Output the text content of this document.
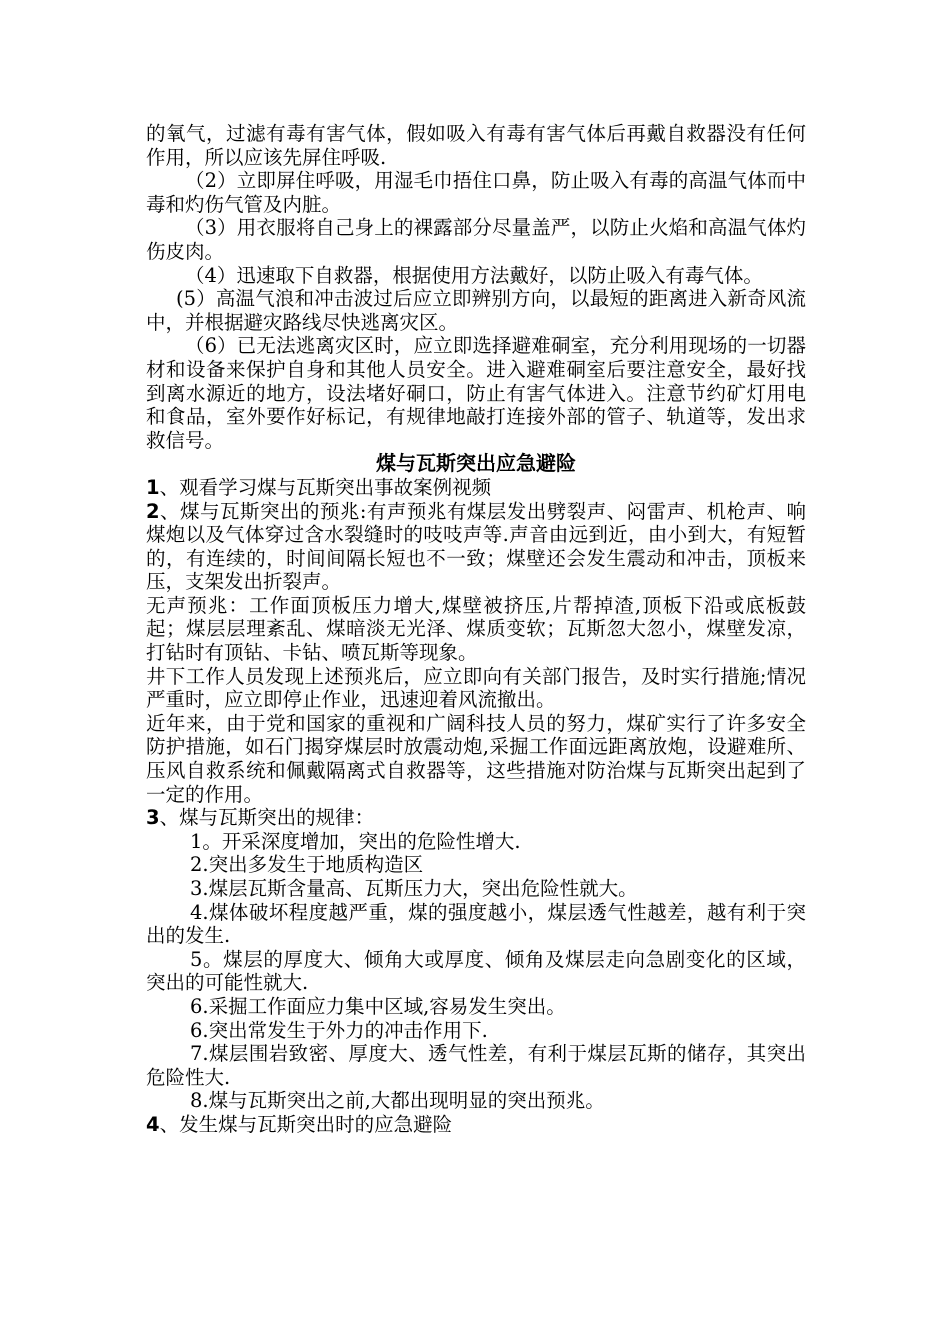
的氧气，过滤有毒有害气体，假如吸入有毒有害气体后再戴自救器没有任何作用，所以应该先屏住呼吸.

（2）立即屏住呼吸，用湿毛巾捂住口鼻，防止吸入有毒的高温气体而中毒和灼伤气管及内脏。

（3）用衣服将自己身上的裸露部分尽量盖严，以防止火焰和高温气体灼伤皮肉。

（4）迅速取下自救器，根据使用方法戴好，以防止吸入有毒气体。

(5）高温气浪和冲击波过后应立即辨别方向，以最短的距离进入新奇风流中，并根据避灾路线尽快逃离灾区。

（6）已无法逃离灾区时，应立即选择避难硐室，充分利用现场的一切器材和设备来保护自身和其他人员安全。进入避难硐室后要注意安全，最好找到离水源近的地方，设法堵好硐口，防止有害气体进入。注意节约矿灯用电和食品，室外要作好标记，有规律地敲打连接外部的管子、轨道等，发出求救信号。

煤与瓦斯突出应急避险

1、观看学习煤与瓦斯突出事故案例视频

2、煤与瓦斯突出的预兆:有声预兆有煤层发出劈裂声、闷雷声、机枪声、响煤炮以及气体穿过含水裂缝时的吱吱声等.声音由远到近，由小到大，有短暂的，有连续的，时间间隔长短也不一致；煤壁还会发生震动和冲击，顶板来压，支架发出折裂声。

无声预兆：工作面顶板压力增大,煤壁被挤压,片帮掉渣,顶板下沿或底板鼓起；煤层层理紊乱、煤暗淡无光泽、煤质变软；瓦斯忽大忽小，煤壁发凉，打钻时有顶钻、卡钻、喷瓦斯等现象。

井下工作人员发现上述预兆后，应立即向有关部门报告，及时实行措施;情况严重时，应立即停止作业，迅速迎着风流撤出。

近年来，由于党和国家的重视和广阔科技人员的努力，煤矿实行了许多安全防护措施，如石门揭穿煤层时放震动炮,采掘工作面远距离放炮，设避难所、压风自救系统和佩戴隔离式自救器等，这些措施对防治煤与瓦斯突出起到了一定的作用。

3、煤与瓦斯突出的规律：

1。开采深度增加，突出的危险性增大.

2.突出多发生于地质构造区

3.煤层瓦斯含量高、瓦斯压力大，突出危险性就大。

4.煤体破坏程度越严重，煤的强度越小，煤层透气性越差，越有利于突出的发生.

5。煤层的厚度大、倾角大或厚度、倾角及煤层走向急剧变化的区域，突出的可能性就大.

6.采掘工作面应力集中区域,容易发生突出。

6.突出常发生于外力的冲击作用下.

7.煤层围岩致密、厚度大、透气性差，有利于煤层瓦斯的储存，其突出危险性大.

8.煤与瓦斯突出之前,大都出现明显的突出预兆。

4、发生煤与瓦斯突出时的应急避险
